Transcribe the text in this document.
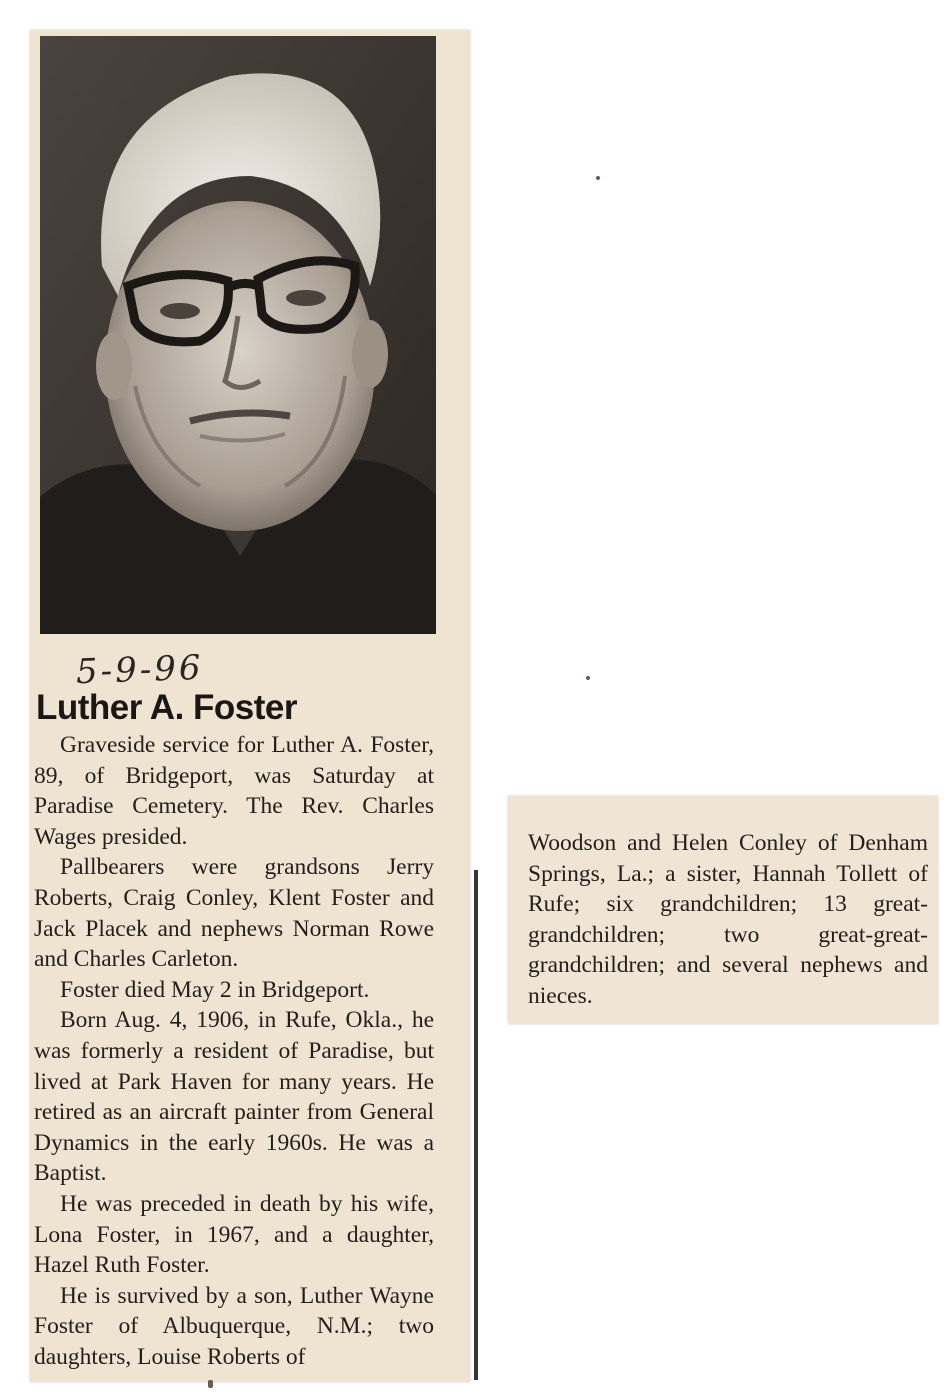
5-9-96
Luther A. Foster

Graveside service for Luther A. Foster, 89, of Bridgeport, was Saturday at Paradise Cemetery. The Rev. Charles Wages presided.

Pallbearers were grandsons Jerry Roberts, Craig Conley, Klent Foster and Jack Placek and nephews Norman Rowe and Charles Carleton.

Foster died May 2 in Bridgeport.

Born Aug. 4, 1906, in Rufe, Okla., he was formerly a resident of Paradise, but lived at Park Haven for many years. He retired as an aircraft painter from General Dynamics in the early 1960s. He was a Baptist.

He was preceded in death by his wife, Lona Foster, in 1967, and a daughter, Hazel Ruth Foster.

He is survived by a son, Luther Wayne Foster of Albuquerque, N.M.; two daughters, Louise Roberts of

Woodson and Helen Conley of Denham Springs, La.; a sister, Hannah Tollett of Rufe; six grandchildren; 13 great-grandchildren; two great-great-grandchildren; and several nephews and nieces.
